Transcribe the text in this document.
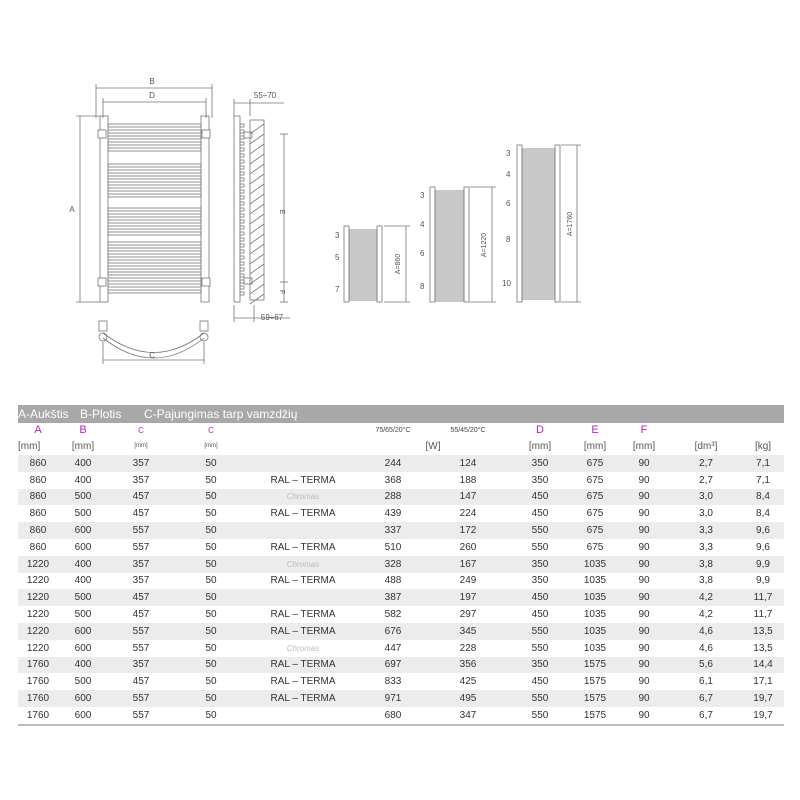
B
D
A
C
55÷70
59÷67
E
F
3
5
7
A=860
3
4
6
8
A=1220
3
4
6
8
10
A=1760
A-Aukštis B-Plotis C-Pajungimas tarp vamzdžių
A	B	C	C		75/65/20°C	55/45/20°C	D	E	F		
[mm]	[mm]	[mm]	[mm]		[W]		[mm]	[mm]	[mm]	[dm³]	[kg]
860	400	357	50		244	124	350	675	90	2,7	7,1
860	400	357	50	RAL – TERMA	368	188	350	675	90	2,7	7,1
860	500	457	50	Chromas	288	147	450	675	90	3,0	8,4
860	500	457	50	RAL – TERMA	439	224	450	675	90	3,0	8,4
860	600	557	50		337	172	550	675	90	3,3	9,6
860	600	557	50	RAL – TERMA	510	260	550	675	90	3,3	9,6
1220	400	357	50	Chromas	328	167	350	1035	90	3,8	9,9
1220	400	357	50	RAL – TERMA	488	249	350	1035	90	3,8	9,9
1220	500	457	50		387	197	450	1035	90	4,2	11,7
1220	500	457	50	RAL – TERMA	582	297	450	1035	90	4,2	11,7
1220	600	557	50	RAL – TERMA	676	345	550	1035	90	4,6	13,5
1220	600	557	50	Chromas	447	228	550	1035	90	4,6	13,5
1760	400	357	50	RAL – TERMA	697	356	350	1575	90	5,6	14,4
1760	500	457	50	RAL – TERMA	833	425	450	1575	90	6,1	17,1
1760	600	557	50	RAL – TERMA	971	495	550	1575	90	6,7	19,7
1760	600	557	50		680	347	550	1575	90	6,7	19,7
